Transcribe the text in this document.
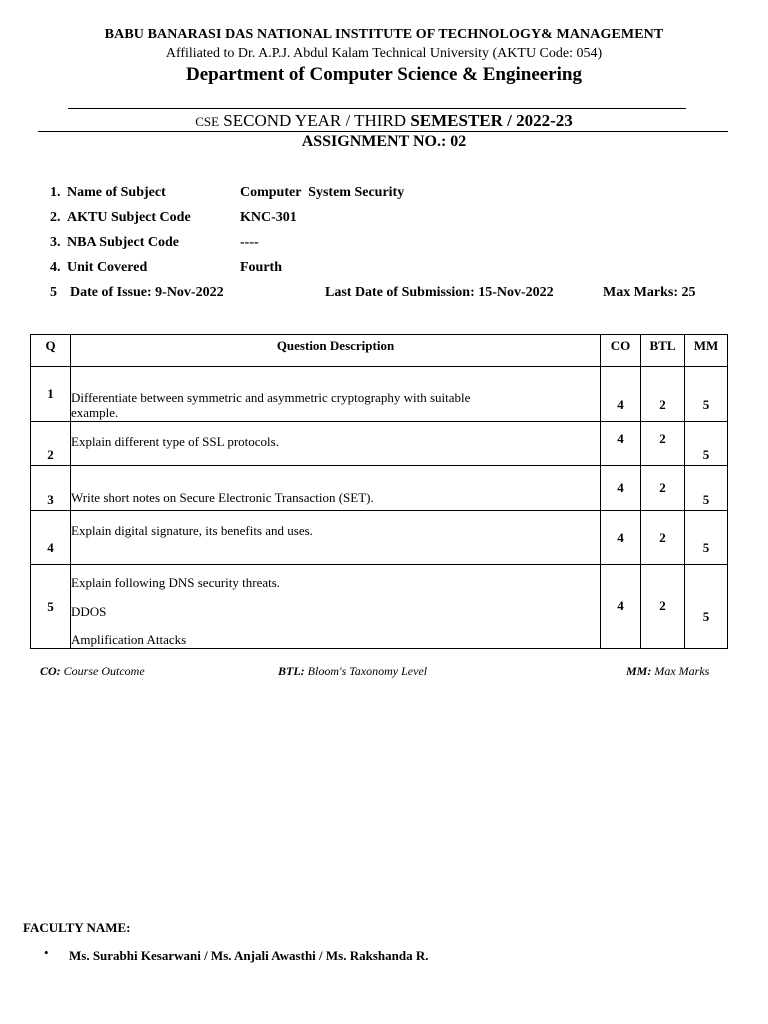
BABU BANARASI DAS NATIONAL INSTITUTE OF TECHNOLOGY& MANAGEMENT
Affiliated to Dr. A.P.J. Abdul Kalam Technical University (AKTU Code: 054)
Department of Computer Science & Engineering
CSE SECOND YEAR / THIRD SEMESTER / 2022-23
ASSIGNMENT NO.: 02
1. Name of Subject	Computer  System Security
2. AKTU Subject Code	KNC-301
3. NBA Subject Code	----
4. Unit Covered	Fourth
5 Date of Issue: 9-Nov-2022	Last Date of Submission: 15-Nov-2022	Max Marks: 25
Q	Question Description	CO	BTL	MM
1	Differentiate between symmetric and asymmetric cryptography with suitable
example.	4	2	5
2	Explain different type of SSL protocols.	4	2	5
3	Write short notes on Secure Electronic Transaction (SET).	4	2	5
4	Explain digital signature, its benefits and uses.	4	2	5
5	Explain following DNS security threats.
DDOS
Amplification Attacks	4	2	5
CO: Course Outcome	BTL: Bloom's Taxonomy Level	MM: Max Marks
FACULTY NAME:
• Ms. Surabhi Kesarwani / Ms. Anjali Awasthi / Ms. Rakshanda R.
